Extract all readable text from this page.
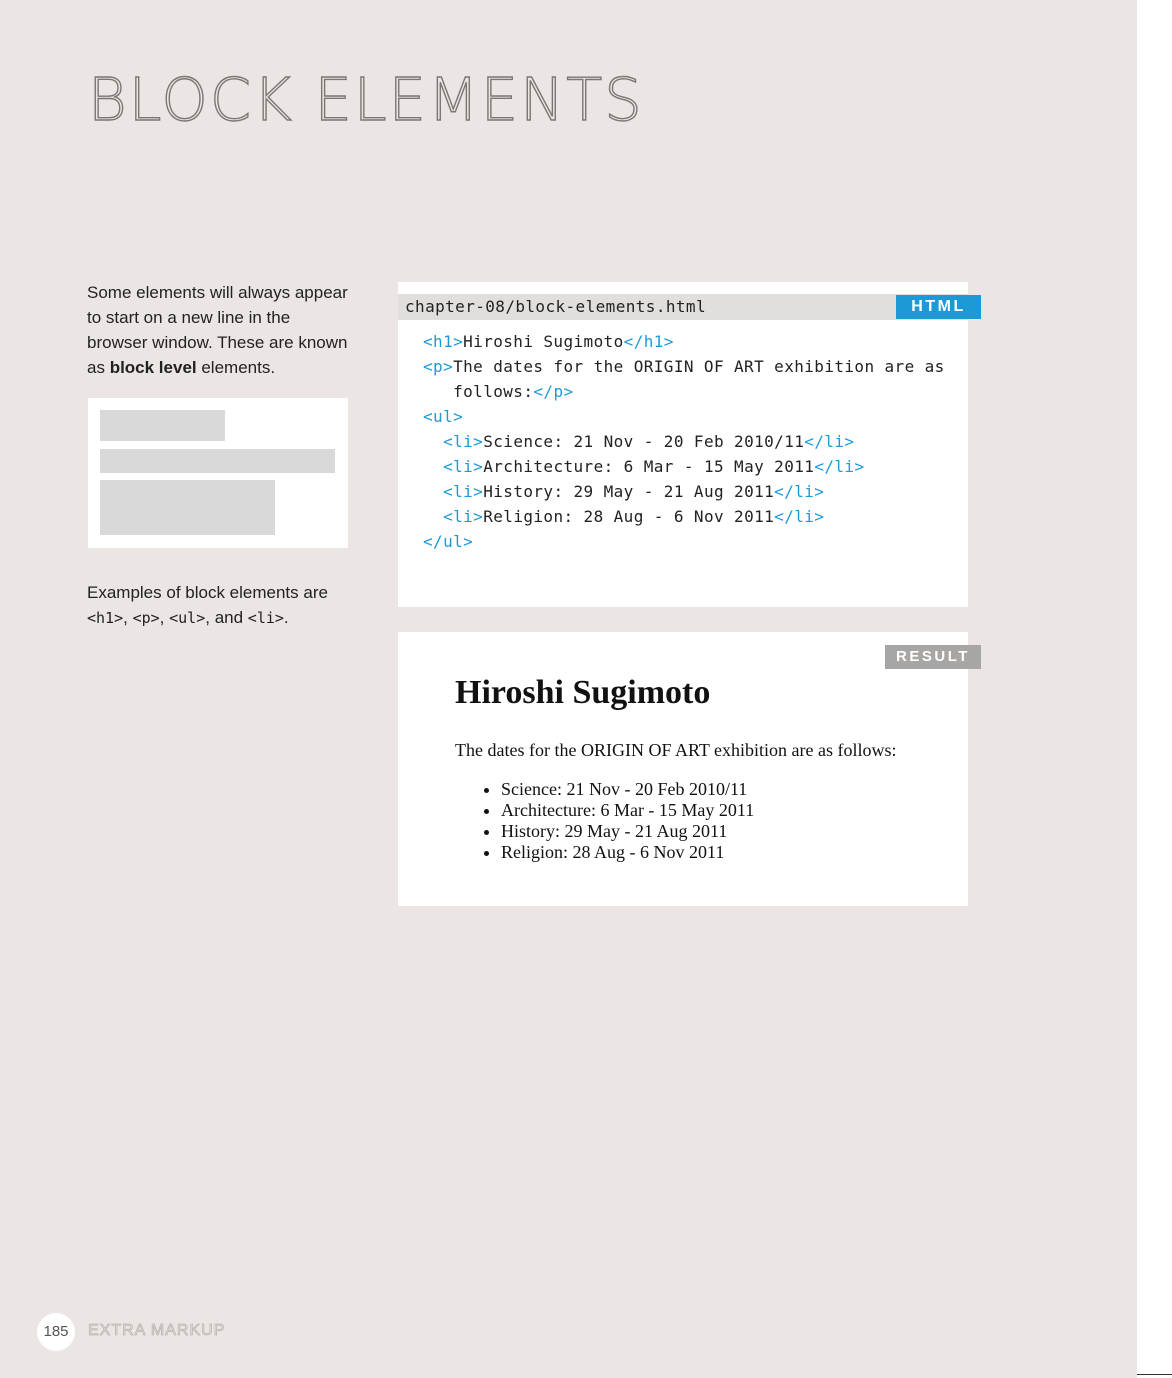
BLOCK ELEMENTS
Some elements will always appear to start on a new line in the browser window. These are known as block level elements.
Examples of block elements are <h1>, <p>, <ul>, and <li>.
chapter-08/block-elements.html
<h1>Hiroshi Sugimoto</h1>
<p>The dates for the ORIGIN OF ART exhibition are as
follows:</p>
<ul>
<li>Science: 21 Nov - 20 Feb 2010/11</li>
<li>Architecture: 6 Mar - 15 May 2011</li>
<li>History: 29 May - 21 Aug 2011</li>
<li>Religion: 28 Aug - 6 Nov 2011</li>
</ul>
Hiroshi Sugimoto

The dates for the ORIGIN OF ART exhibition are as follows:

• Science: 21 Nov - 20 Feb 2010/11
• Architecture: 6 Mar - 15 May 2011
• History: 29 May - 21 Aug 2011
• Religion: 28 Aug - 6 Nov 2011
HTML
RESULT
185	EXTRA MARKUP
